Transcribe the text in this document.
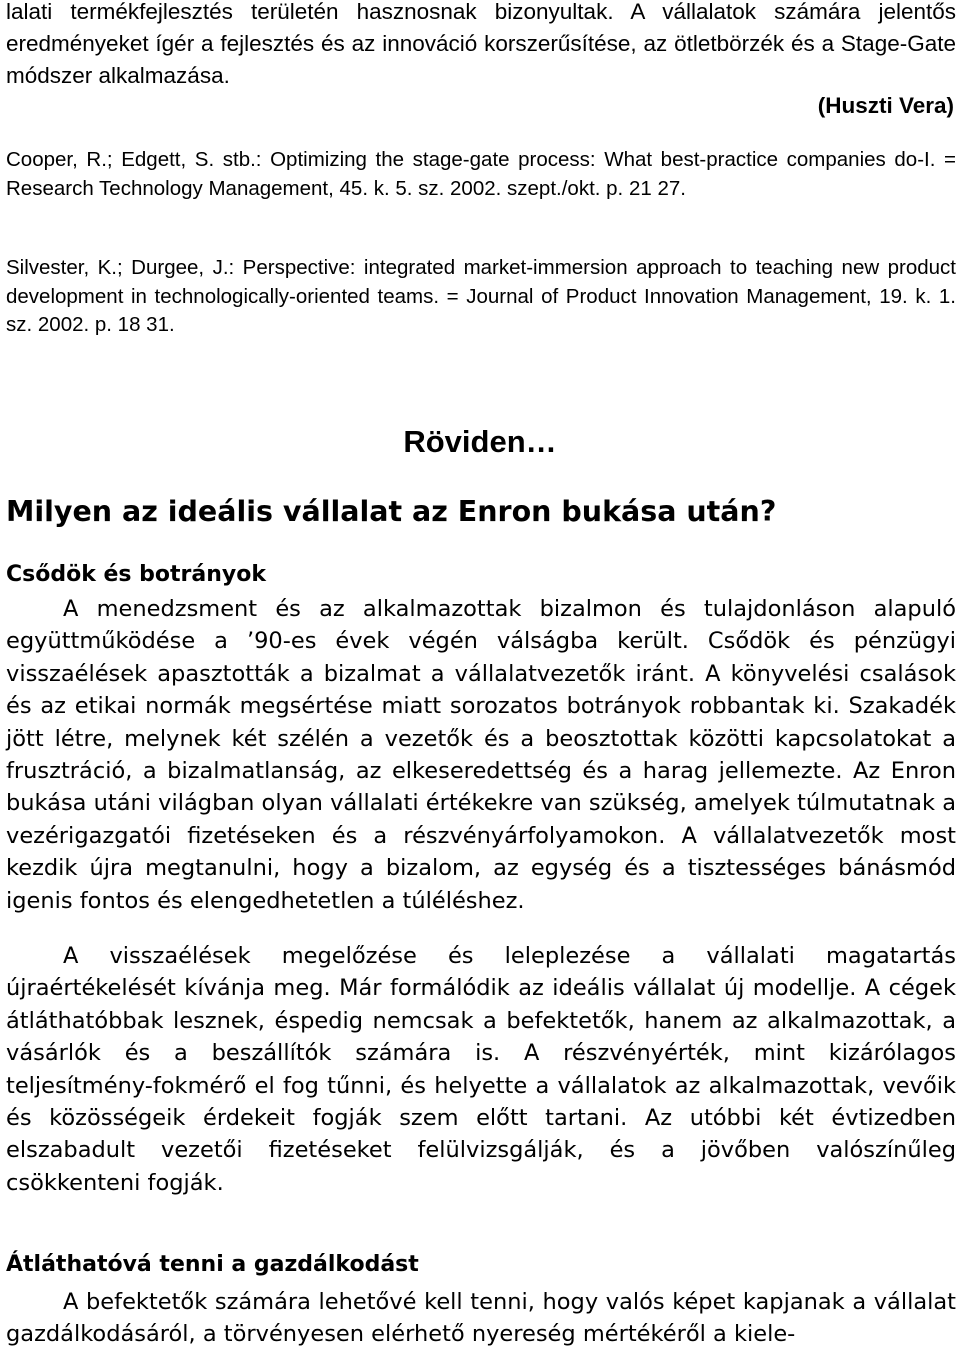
lalati termékfejlesztés területén hasznosnak bizonyultak. A vállalatok számára jelentős eredményeket ígér a fejlesztés és az innováció korszerűsítése, az ötletbörzék és a Stage-Gate módszer alkalmazása.

(Huszti Vera)

Cooper, R.; Edgett, S. stb.: Optimizing the stage-gate process: What best-practice companies do-I. = Research Technology Management, 45. k. 5. sz. 2002. szept./okt. p. 21 27.

Silvester, K.; Durgee, J.: Perspective: integrated market-immersion approach to teaching new product development in technologically-oriented teams. = Journal of Product Innovation Management, 19. k. 1. sz. 2002. p. 18 31.

Röviden…
Milyen az ideális vállalat az Enron bukása után?
Csődök és botrányok

A menedzsment és az alkalmazottak bizalmon és tulajdonláson alapuló együttműködése a ’90-es évek végén válságba került. Csődök és pénzügyi visszaélések apasztották a bizalmat a vállalatvezetők iránt. A könyvelési csalások és az etikai normák megsértése miatt sorozatos botrányok robbantak ki. Szakadék jött létre, melynek két szélén a vezetők és a beosztottak közötti kapcsolatokat a frusztráció, a bizalmatlanság, az elkeseredettség és a harag jellemezte. Az Enron bukása utáni világban olyan vállalati értékekre van szükség, amelyek túlmutatnak a vezérigazgatói fizetéseken és a részvényárfolyamokon. A vállalatvezetők most kezdik újra megtanulni, hogy a bizalom, az egység és a tisztességes bánásmód igenis fontos és elengedhetetlen a túléléshez.

A visszaélések megelőzése és leleplezése a vállalati magatartás újraértékelését kívánja meg. Már formálódik az ideális vállalat új modellje. A cégek átláthatóbbak lesznek, éspedig nemcsak a befektetők, hanem az alkalmazottak, a vásárlók és a beszállítók számára is. A részvényérték, mint kizárólagos teljesítmény-fokmérő el fog tűnni, és helyette a vállalatok az alkalmazottak, vevőik és közösségeik érdekeit fogják szem előtt tartani. Az utóbbi két évtizedben elszabadult vezetői fizetéseket felülvizsgálják, és a jövőben valószínűleg csökkenteni fogják.

Átláthatóvá tenni a gazdálkodást

A befektetők számára lehetővé kell tenni, hogy valós képet kapjanak a vállalat gazdálkodásáról, a törvényesen elérhető nyereség mértékéről a kiele-
